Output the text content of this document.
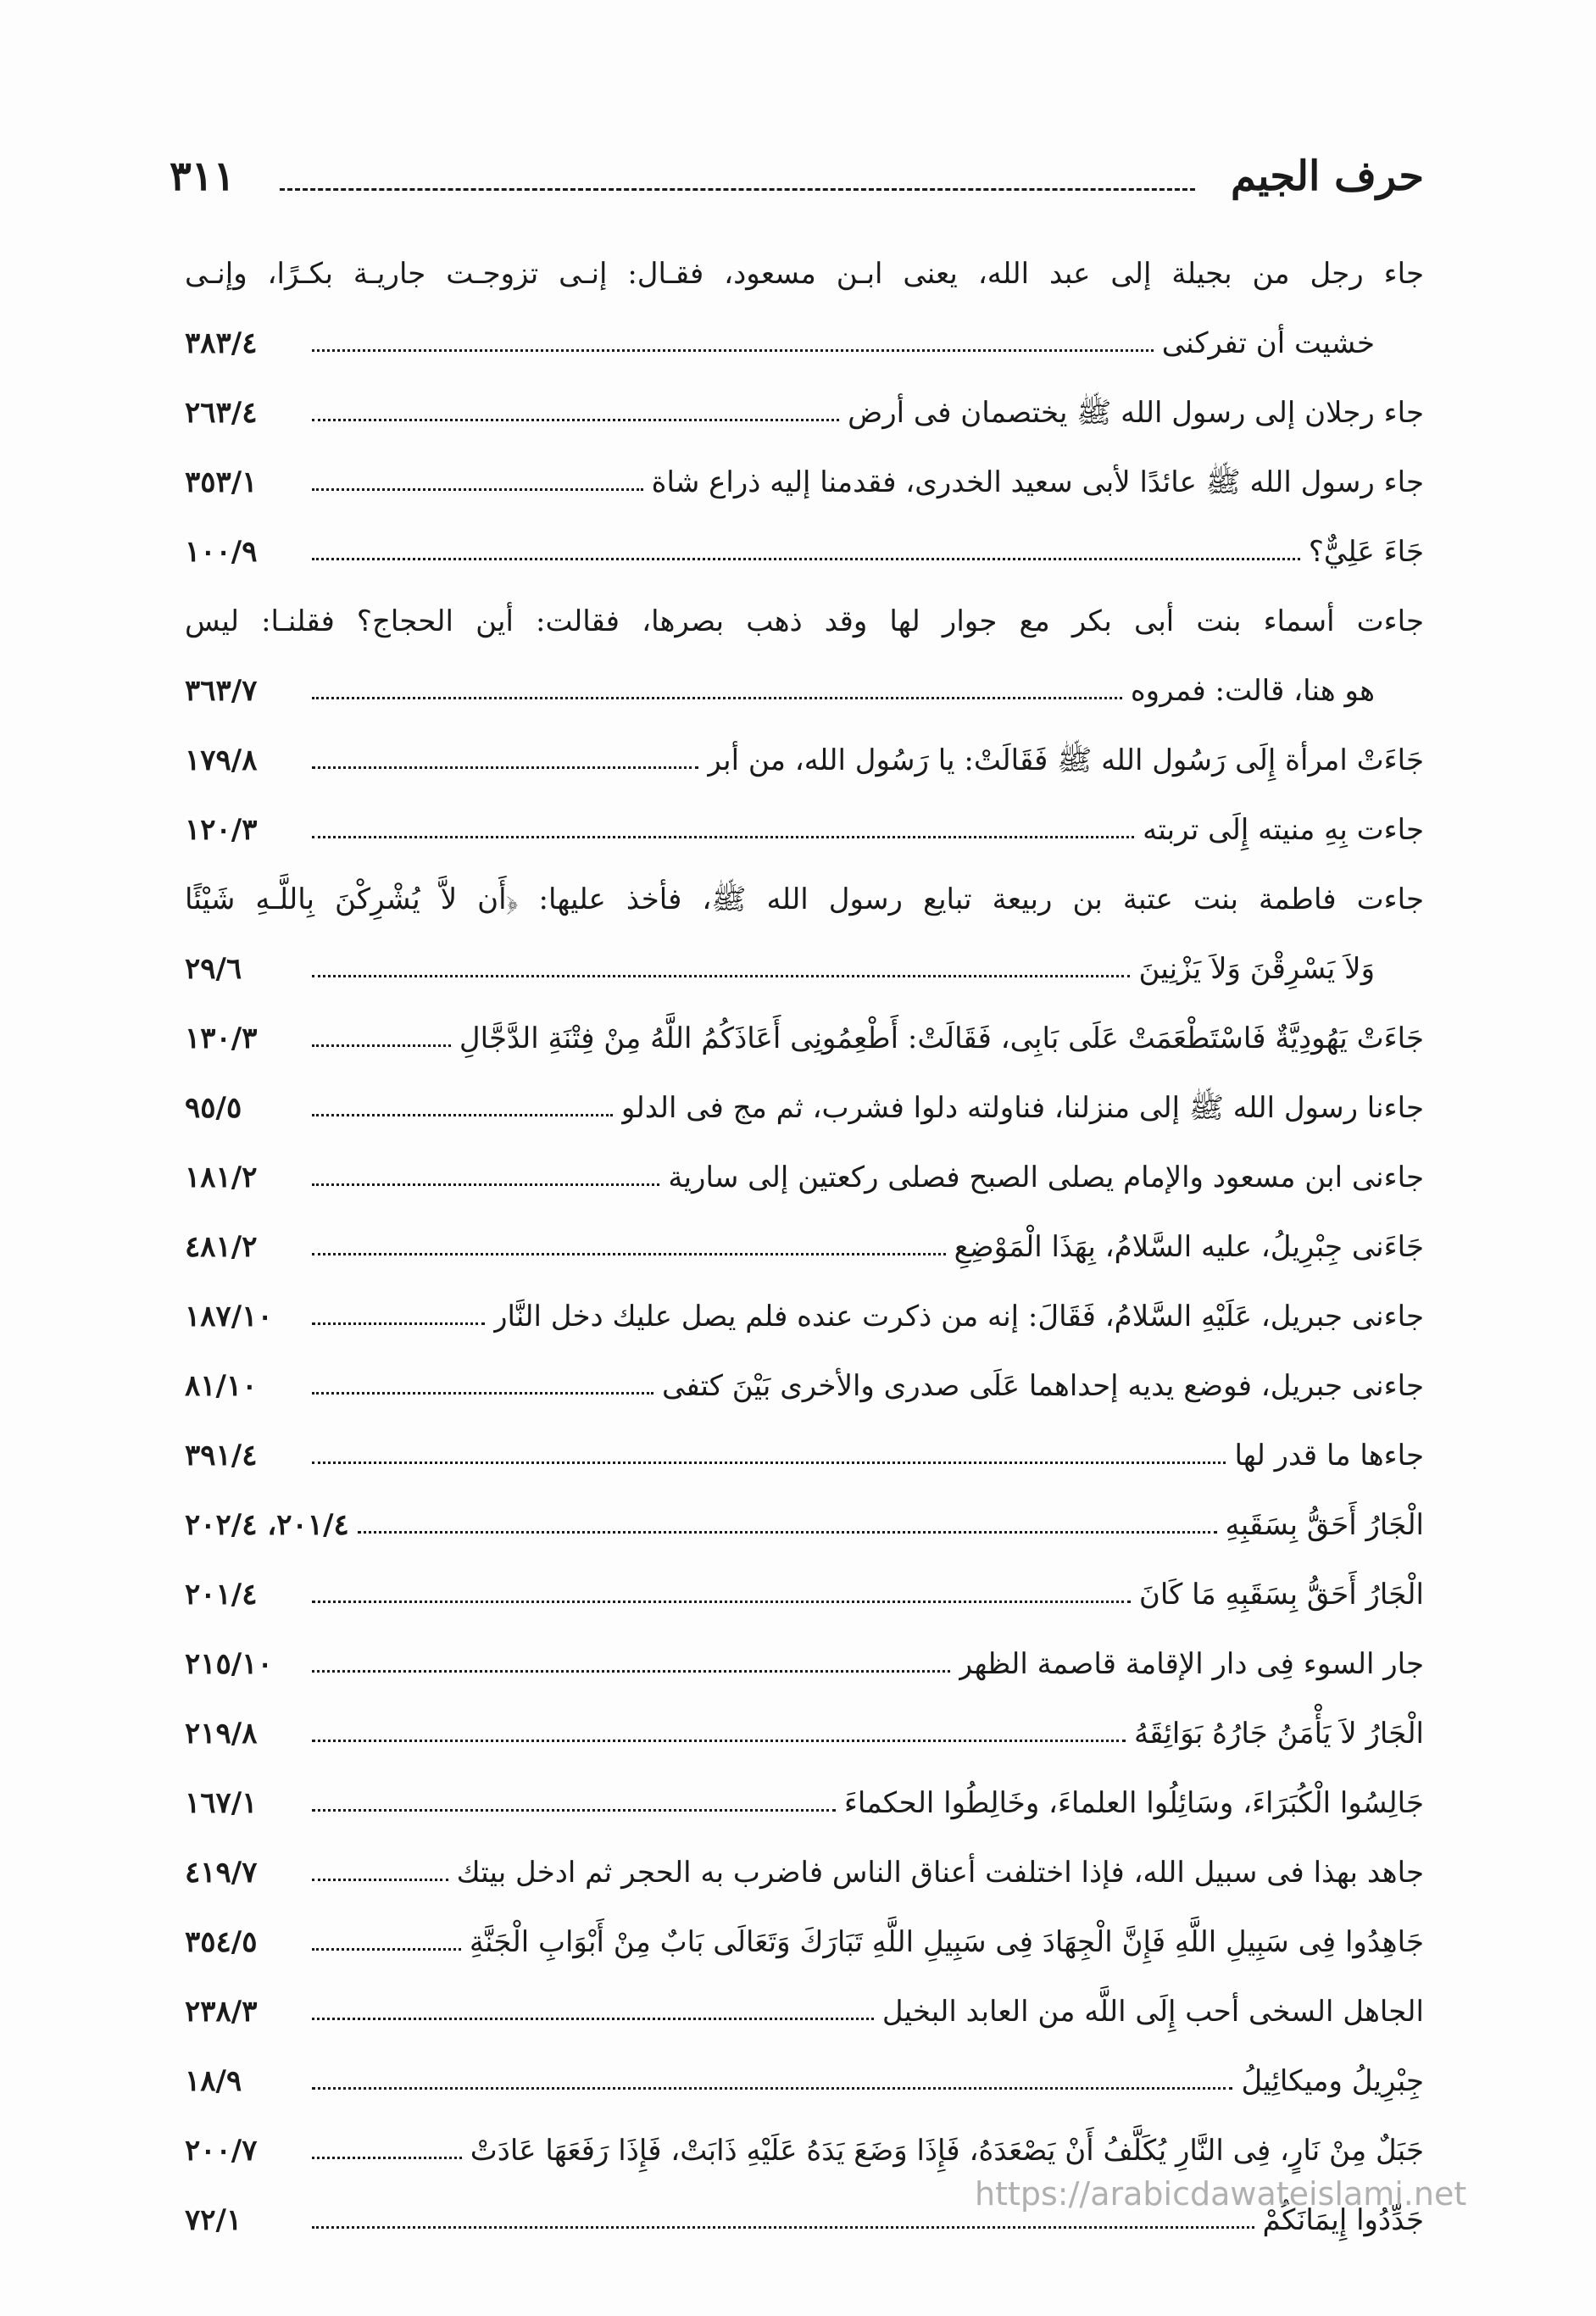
حرف الجيم
٣١١
جاء رجل من بجيلة إلى عبد الله، يعنى ابـن مسعود، فقـال: إنـى تزوجـت جاريـة بكـرًا، وإنـى
خشيت أن تفركنى
٣٨٣/٤
جاء رجلان إلى رسول الله ﷺ يختصمان فى أرض
٢٦٣/٤
جاء رسول الله ﷺ عائدًا لأبى سعيد الخدرى، فقدمنا إليه ذراع شاة
٣٥٣/١
جَاءَ عَلِيٌّ؟
١٠٠/٩
جاءت أسماء بنت أبى بكر مع جوار لها وقد ذهب بصرها، فقالت: أين الحجاج؟ فقلنـا: ليس
هو هنا، قالت: فمروه
٣٦٣/٧
جَاءَتْ امرأة إِلَى رَسُول الله ﷺ فَقَالَتْ: يا رَسُول الله، من أبر
١٧٩/٨
جاءت بِهِ منيته إِلَى تربته
١٢٠/٣
جاءت فاطمة بنت عتبة بن ربيعة تبايع رسول الله ﷺ، فأخذ عليها: ﴿أَن لاَّ يُشْرِكْنَ بِاللَّـهِ شَيْئًا
وَلاَ يَسْرِقْنَ وَلاَ يَزْنِينَ
٢٩/٦
جَاءَتْ يَهُودِيَّةٌ فَاسْتَطْعَمَتْ عَلَى بَابِى، فَقَالَتْ: أَطْعِمُونِى أَعَاذَكُمُ اللَّهُ مِنْ فِتْنَةِ الدَّجَّالِ
١٣٠/٣
جاءنا رسول الله ﷺ إلى منزلنا، فناولته دلوا فشرب، ثم مج فى الدلو
٩٥/٥
جاءنى ابن مسعود والإمام يصلى الصبح فصلى ركعتين إلى سارية
١٨١/٢
جَاءَنى جِبْرِيلُ، عليه السَّلامُ، بِهَذَا الْمَوْضِعِ
٤٨١/٢
جاءنى جبريل، عَلَيْهِ السَّلامُ، فَقَالَ: إنه من ذكرت عنده فلم يصل عليك دخل النَّار
١٨٧/١٠
جاءنى جبريل، فوضع يديه إحداهما عَلَى صدرى والأخرى بَيْنَ كتفى
٨١/١٠
جاءها ما قدر لها
٣٩١/٤
الْجَارُ أَحَقُّ بِسَقَبِهِ
٢٠١/٤، ٢٠٢/٤
الْجَارُ أَحَقُّ بِسَقَبِهِ مَا كَانَ
٢٠١/٤
جار السوء فِى دار الإقامة قاصمة الظهر
٢١٥/١٠
الْجَارُ لاَ يَأْمَنُ جَارُهُ بَوَائِقَهُ
٢١٩/٨
جَالِسُوا الْكُبَرَاءَ، وسَائِلُوا العلماءَ، وخَالِطُوا الحكماءَ
١٦٧/١
جاهد بهذا فى سبيل الله، فإذا اختلفت أعناق الناس فاضرب به الحجر ثم ادخل بيتك
٤١٩/٧
جَاهِدُوا فِى سَبِيلِ اللَّهِ فَإِنَّ الْجِهَادَ فِى سَبِيلِ اللَّهِ تَبَارَكَ وَتَعَالَى بَابٌ مِنْ أَبْوَابِ الْجَنَّةِ
٣٥٤/٥
الجاهل السخى أحب إِلَى اللَّه من العابد البخيل
٢٣٨/٣
جِبْرِيلُ وميكائِيلُ
١٨/٩
جَبَلٌ مِنْ نَارٍ، فِى النَّارِ يُكَلَّفُ أَنْ يَصْعَدَهُ، فَإِذَا وَضَعَ يَدَهُ عَلَيْهِ ذَابَتْ، فَإِذَا رَفَعَهَا عَادَتْ
٢٠٠/٧
جَدِّدُوا إِيمَانَكُمْ
٧٢/١
https://arabicdawateislami.net
